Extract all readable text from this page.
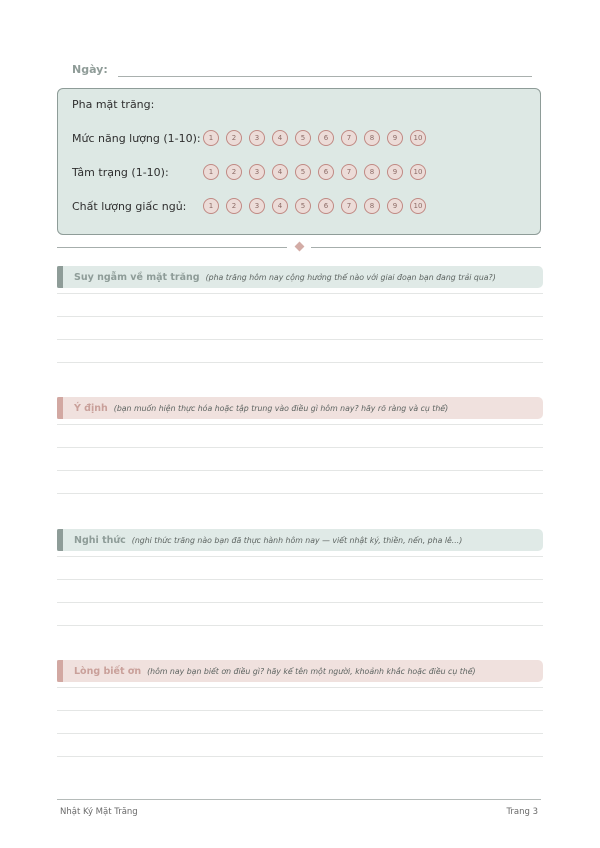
Ngày:
Pha mặt trăng:
Mức năng lượng (1-10):	1	2	3	4	5	6	7	8	9	10
Tâm trạng (1-10):	1	2	3	4	5	6	7	8	9	10
Chất lượng giấc ngủ:	1	2	3	4	5	6	7	8	9	10
Suy ngẫm về mặt trăng (pha trăng hôm nay cộng hưởng thế nào với giai đoạn bạn đang trải qua?)
Ý định (bạn muốn hiện thực hóa hoặc tập trung vào điều gì hôm nay? hãy rõ ràng và cụ thể)
Nghi thức (nghi thức trăng nào bạn đã thực hành hôm nay — viết nhật ký, thiền, nến, pha lê...)
Lòng biết ơn (hôm nay bạn biết ơn điều gì? hãy kể tên một người, khoảnh khắc hoặc điều cụ thể)
Nhật Ký Mặt Trăng	Trang 3
